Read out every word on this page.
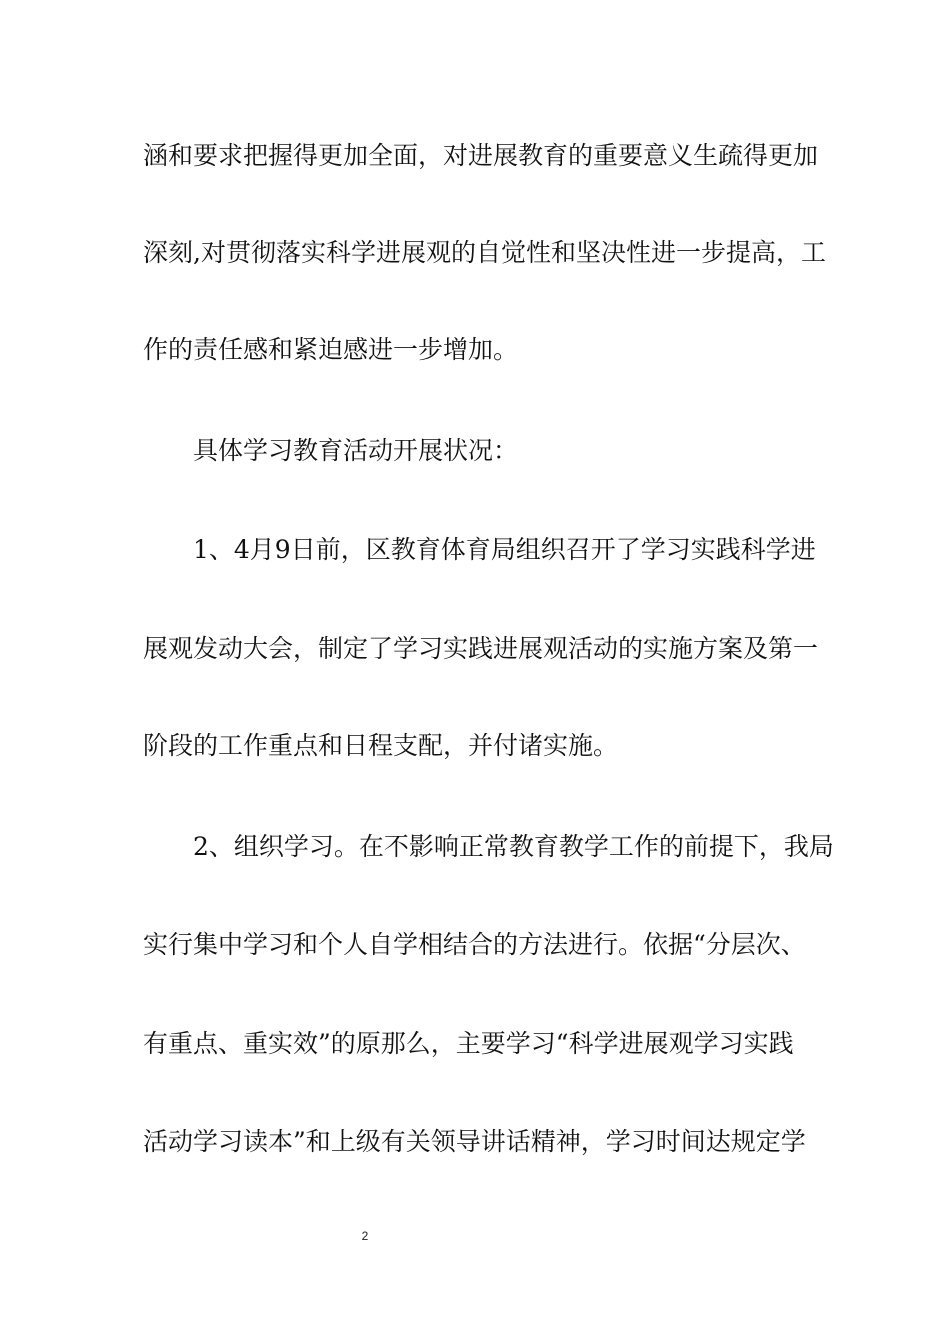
涵和要求把握得更加全面，对进展教育的重要意义生疏得更加
深刻,对贯彻落实科学进展观的自觉性和坚决性进一步提高，工
作的责任感和紧迫感进一步增加。
具体学习教育活动开展状况：
1、4月9日前，区教育体育局组织召开了学习实践科学进
展观发动大会，制定了学习实践进展观活动的实施方案及第一
阶段的工作重点和日程支配，并付诸实施。
2、组织学习。在不影响正常教育教学工作的前提下，我局
实行集中学习和个人自学相结合的方法进行。依据“分层次、
有重点、重实效”的原那么，主要学习“科学进展观学习实践
活动学习读本”和上级有关领导讲话精神，学习时间达规定学
2
